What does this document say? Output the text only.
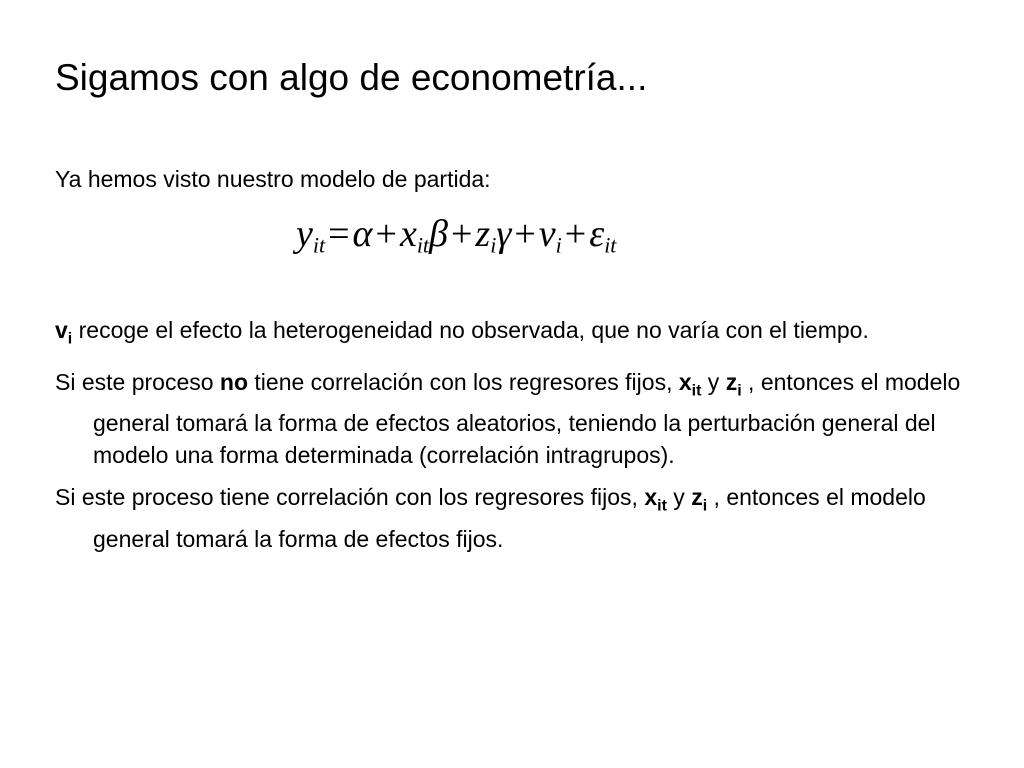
Sigamos con algo de econometría...
Ya hemos visto nuestro modelo de partida:
$y_{it}=\alpha+x_{it}\beta+z_i\gamma+\nu_i+\varepsilon_{it}$

$v_i$ recoge el efecto la heterogeneidad no observada, que no varía con el tiempo.

Si este proceso no tiene correlación con los regresores fijos, $x_{it}$ y $z_i$ , entonces el modelo general tomará la forma de efectos aleatorios, teniendo la perturbación general del modelo una forma determinada (correlación intragrupos).

Si este proceso tiene correlación con los regresores fijos, $x_{it}$ y $z_i$ , entonces el modelo general tomará la forma de efectos fijos.
